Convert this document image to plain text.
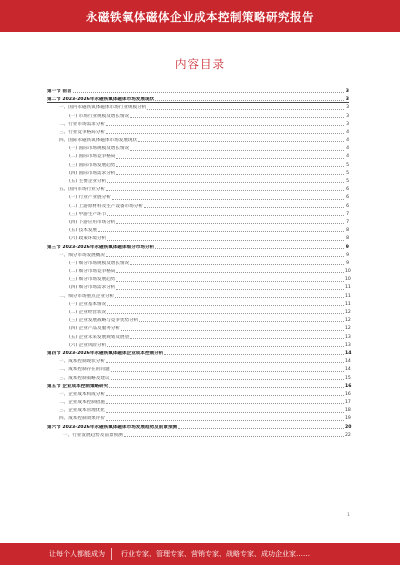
永磁铁氧体磁体企业成本控制策略研究报告
内容目录
第一节 前言	3
第二节 2023-2026年永磁铁氧体磁体市场发展现状	3
一、国内永磁铁氧体磁体市场行业规模分析	3
(一) 市场行业规模及增长情况	3
二、行业市场需求分析	3
三、行业竞争格局分析	4
四、国际永磁铁氧体磁体市场发展现状	4
(一) 国际市场规模及增长情况	4
(二) 国际市场竞争格局	4
(三) 国际市场发展趋势	5
(四) 国际市场需求分析	5
(五) 主要企业分析	5
五、国内市场行业分析	6
(一) 行业产业链分析	6
(二) 上游原材料及生产设备市场分析	6
(三) 中游生产环节	7
(四) 下游应用市场分析	7
(五) 技术发展	8
(六) 政策环境分析	8
第三节 2023-2026年永磁铁氧体磁体细分市场分析	9
一、细分市场发展概况	9
(一) 细分市场规模及增长情况	9
(二) 细分市场竞争格局	10
(三) 细分市场发展趋势	10
(四) 细分市场需求分析	11
二、细分市场重点企业分析	11
(一) 企业基本情况	11
(二) 企业经营状况	12
(三) 企业发展战略与竞争优势分析	12
(四) 企业产品及服务分析	12
(五) 企业未来发展规划及展望	13
(六) 企业风险分析	13
第四节 2023-2026年永磁铁氧体磁体企业成本控制分析	14
一、成本控制现状分析	14
二、成本控制存在的问题	14
三、成本控制策略及建议	15
第五节 企业成本控制策略研究	16
一、企业成本构成分析	16
二、企业成本控制措施	17
三、企业成本管理优化	18
四、成本控制效果评价	19
第六节 2023-2026年永磁铁氧体磁体市场发展趋势及前景预测	20
一、行业发展趋势及前景预测	22
1
让每个人都能成为 行业专家、管理专家、营销专家、战略专家、成功企业家……
